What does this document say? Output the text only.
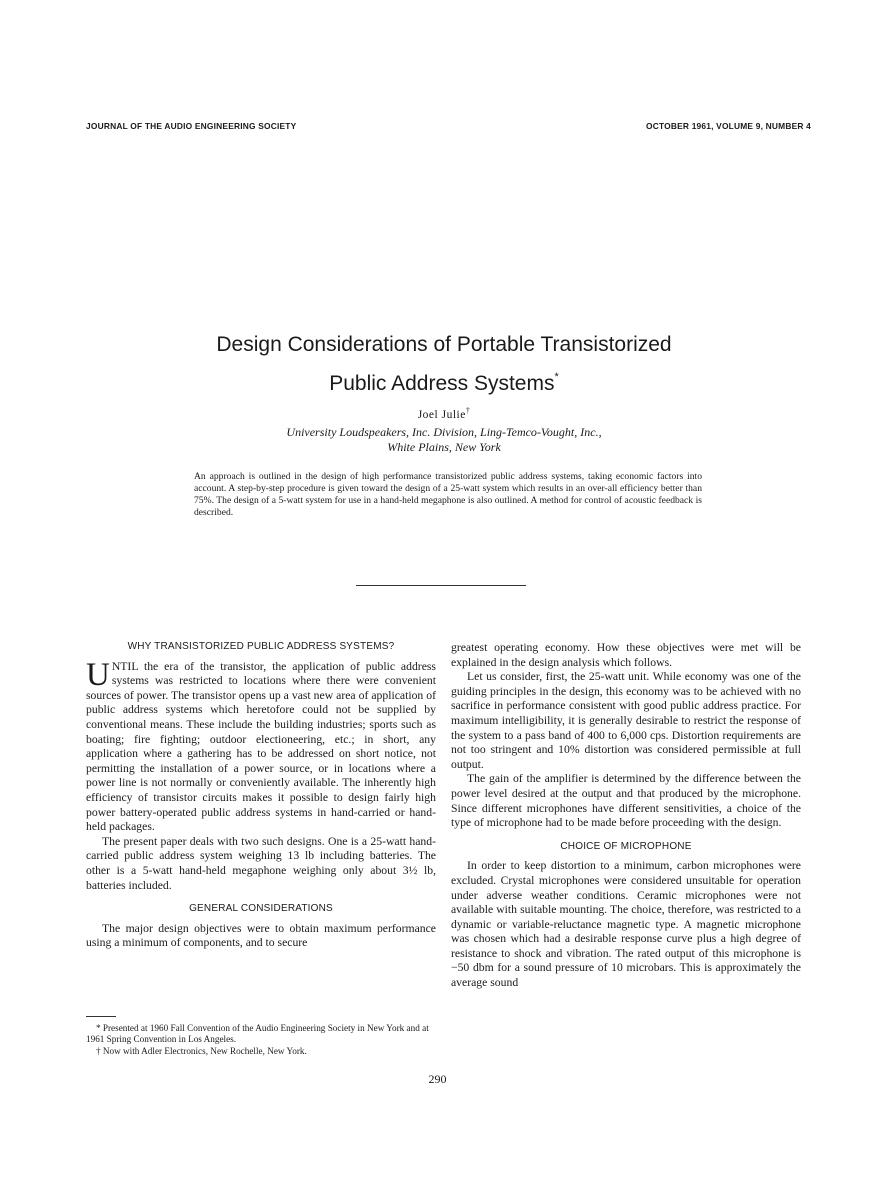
JOURNAL OF THE AUDIO ENGINEERING SOCIETY	OCTOBER 1961, VOLUME 9, NUMBER 4
Design Considerations of Portable Transistorized
Public Address Systems*
Joel Julie†
University Loudspeakers, Inc. Division, Ling-Temco-Vought, Inc.,
White Plains, New York

An approach is outlined in the design of high performance transistorized public address systems, taking economic factors into account. A step-by-step procedure is given toward the design of a 25-watt system which results in an over-all efficiency better than 75%. The design of a 5-watt system for use in a hand-held megaphone is also outlined. A method for control of acoustic feedback is described.

WHY TRANSISTORIZED PUBLIC ADDRESS SYSTEMS?

UNTIL the era of the transistor, the application of public address systems was restricted to locations where there were convenient sources of power. The transistor opens up a vast new area of application of public address systems which heretofore could not be supplied by conventional means. These include the building industries; sports such as boating; fire fighting; outdoor electioneering, etc.; in short, any application where a gathering has to be addressed on short notice, not permitting the installation of a power source, or in locations where a power line is not normally or conveniently available. The inherently high efficiency of transistor circuits makes it possible to design fairly high power battery-operated public address systems in hand-carried or hand-held packages.

The present paper deals with two such designs. One is a 25-watt hand-carried public address system weighing 13 lb including batteries. The other is a 5-watt hand-held megaphone weighing only about 3½ lb, batteries included.

GENERAL CONSIDERATIONS

The major design objectives were to obtain maximum performance using a minimum of components, and to secure

greatest operating economy. How these objectives were met will be explained in the design analysis which follows.

Let us consider, first, the 25-watt unit. While economy was one of the guiding principles in the design, this economy was to be achieved with no sacrifice in performance consistent with good public address practice. For maximum intelligibility, it is generally desirable to restrict the response of the system to a pass band of 400 to 6,000 cps. Distortion requirements are not too stringent and 10% distortion was considered permissible at full output.

The gain of the amplifier is determined by the difference between the power level desired at the output and that produced by the microphone. Since different microphones have different sensitivities, a choice of the type of microphone had to be made before proceeding with the design.

CHOICE OF MICROPHONE

In order to keep distortion to a minimum, carbon microphones were excluded. Crystal microphones were considered unsuitable for operation under adverse weather conditions. Ceramic microphones were not available with suitable mounting. The choice, therefore, was restricted to a dynamic or variable-reluctance magnetic type. A magnetic microphone was chosen which had a desirable response curve plus a high degree of resistance to shock and vibration. The rated output of this microphone is −50 dbm for a sound pressure of 10 microbars. This is approximately the average sound

* Presented at 1960 Fall Convention of the Audio Engineering Society in New York and at 1961 Spring Convention in Los Angeles.

† Now with Adler Electronics, New Rochelle, New York.

290
